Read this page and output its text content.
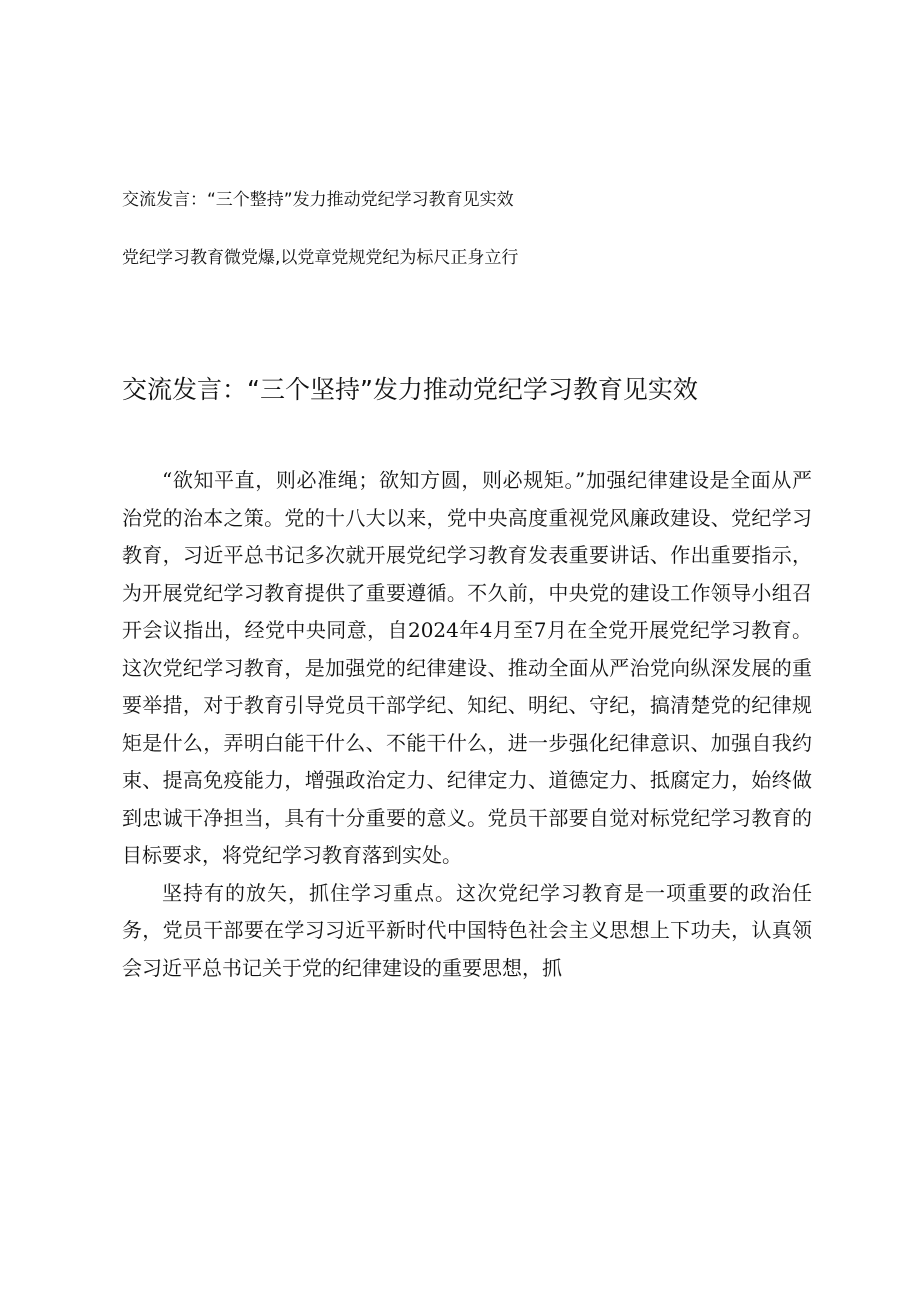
交流发言：“三个整持”发力推动党纪学习教育见实效
党纪学习教育微党爆,以党章党规党纪为标尺正身立行
交流发言：“三个坚持”发力推动党纪学习教育见实效

“欲知平直，则必准绳；欲知方圆，则必规矩。”加强纪律建设是全面从严治党的治本之策。党的十八大以来，党中央高度重视党风廉政建设、党纪学习教育，习近平总书记多次就开展党纪学习教育发表重要讲话、作出重要指示，为开展党纪学习教育提供了重要遵循。不久前，中央党的建设工作领导小组召开会议指出，经党中央同意，自2024年4月至7月在全党开展党纪学习教育。这次党纪学习教育，是加强党的纪律建设、推动全面从严治党向纵深发展的重要举措，对于教育引导党员干部学纪、知纪、明纪、守纪，搞清楚党的纪律规矩是什么，弄明白能干什么、不能干什么，进一步强化纪律意识、加强自我约束、提高免疫能力，增强政治定力、纪律定力、道德定力、抵腐定力，始终做到忠诚干净担当，具有十分重要的意义。党员干部要自觉对标党纪学习教育的目标要求，将党纪学习教育落到实处。

坚持有的放矢，抓住学习重点。这次党纪学习教育是一项重要的政治任务，党员干部要在学习习近平新时代中国特色社会主义思想上下功夫，认真领会习近平总书记关于党的纪律建设的重要思想，抓
